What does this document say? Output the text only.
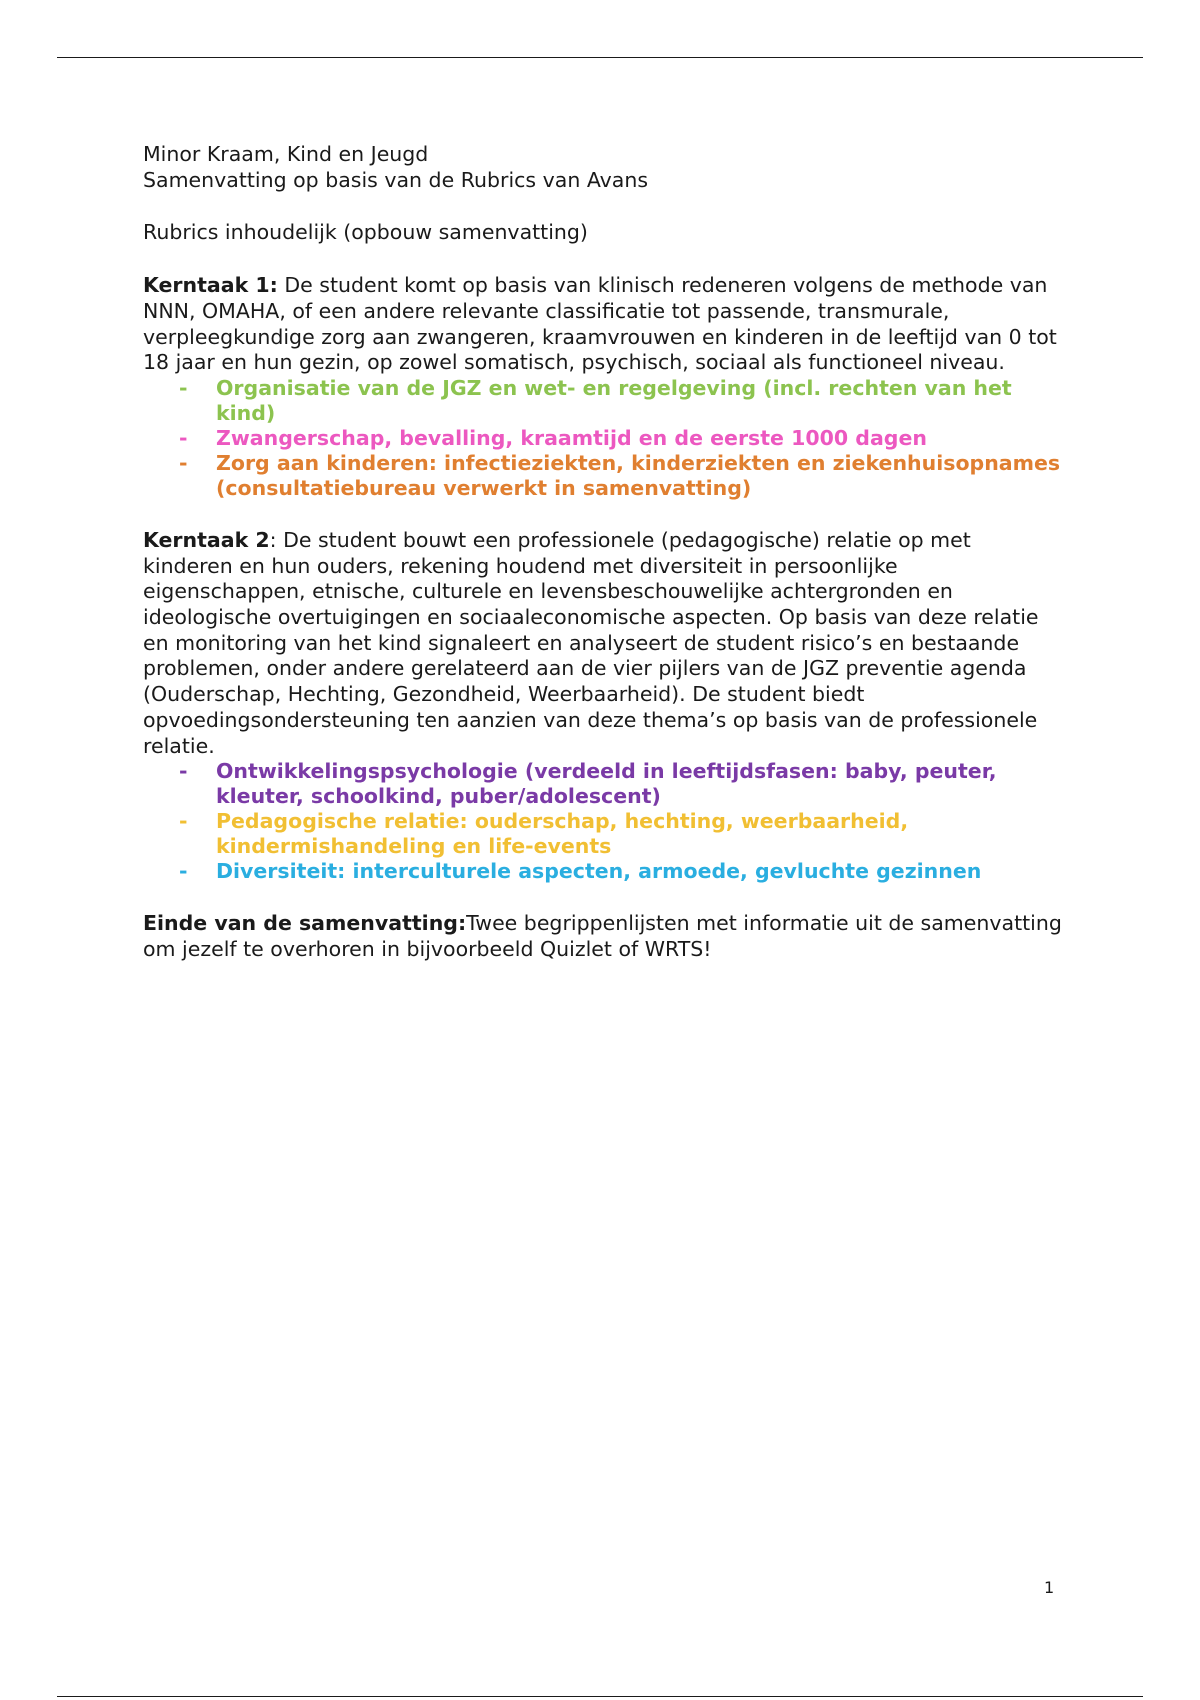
Minor Kraam, Kind en Jeugd
Samenvatting op basis van de Rubrics van Avans
Rubrics inhoudelijk (opbouw samenvatting)

Kerntaak 1: De student komt op basis van klinisch redeneren volgens de methode van NNN, OMAHA, of een andere relevante classificatie tot passende, transmurale, verpleegkundige zorg aan zwangeren, kraamvrouwen en kinderen in de leeftijd van 0 tot 18 jaar en hun gezin, op zowel somatisch, psychisch, sociaal als functioneel niveau.

- Organisatie van de JGZ en wet- en regelgeving (incl. rechten van het kind)
- Zwangerschap, bevalling, kraamtijd en de eerste 1000 dagen
- Zorg aan kinderen: infectieziekten, kinderziekten en ziekenhuisopnames (consultatiebureau verwerkt in samenvatting)

Kerntaak 2: De student bouwt een professionele (pedagogische) relatie op met kinderen en hun ouders, rekening houdend met diversiteit in persoonlijke eigenschappen, etnische, culturele en levensbeschouwelijke achtergronden en ideologische overtuigingen en sociaaleconomische aspecten. Op basis van deze relatie en monitoring van het kind signaleert en analyseert de student risico’s en bestaande problemen, onder andere gerelateerd aan de vier pijlers van de JGZ preventie agenda (Ouderschap, Hechting, Gezondheid, Weerbaarheid). De student biedt opvoedingsondersteuning ten aanzien van deze thema’s op basis van de professionele relatie.

- Ontwikkelingspsychologie (verdeeld in leeftijdsfasen: baby, peuter, kleuter, schoolkind, puber/adolescent)
- Pedagogische relatie: ouderschap, hechting, weerbaarheid, kindermishandeling en life-events
- Diversiteit: interculturele aspecten, armoede, gevluchte gezinnen

Einde van de samenvatting:Twee begrippenlijsten met informatie uit de samenvatting om jezelf te overhoren in bijvoorbeeld Quizlet of WRTS!

1
